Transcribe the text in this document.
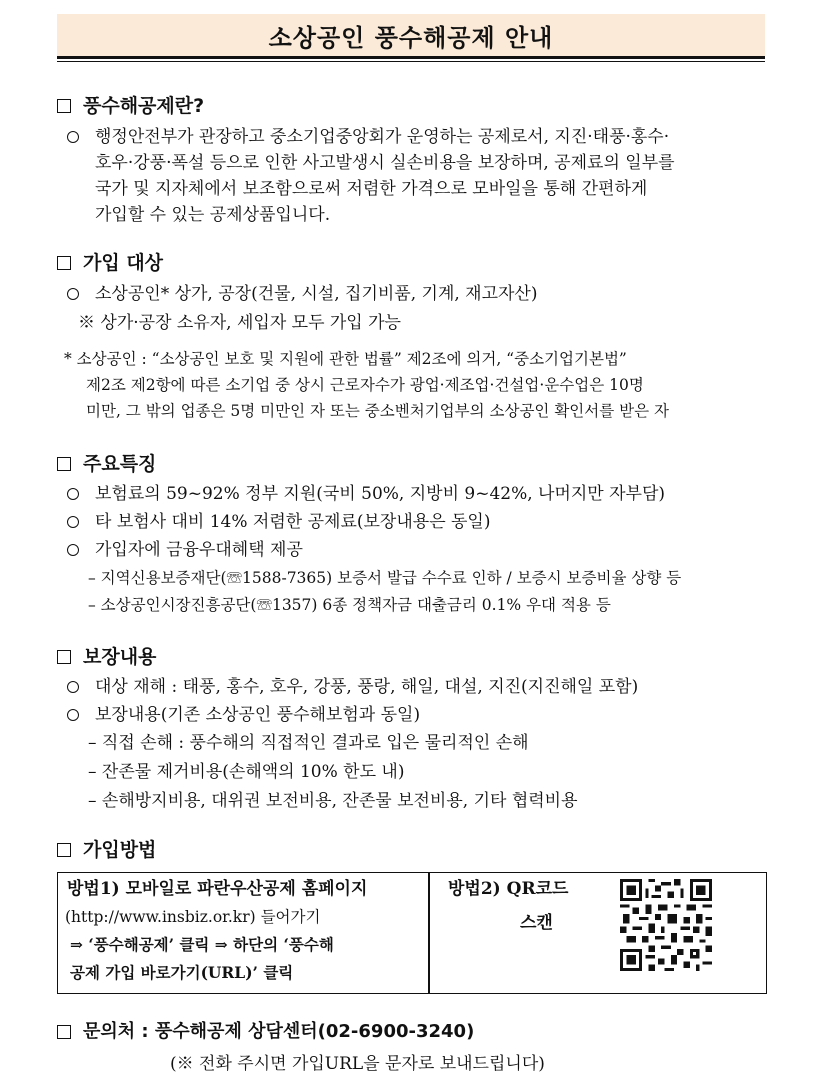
소상공인 풍수해공제 안내
풍수해공제란?
행정안전부가 관장하고 중소기업중앙회가 운영하는 공제로서, 지진·태풍·홍수·
호우·강풍·폭설 등으로 인한 사고발생시 실손비용을 보장하며, 공제료의 일부를
국가 및 지자체에서 보조함으로써 저렴한 가격으로 모바일을 통해 간편하게
가입할 수 있는 공제상품입니다.
가입 대상
소상공인* 상가, 공장(건물, 시설, 집기비품, 기계, 재고자산)
※ 상가·공장 소유자, 세입자 모두 가입 가능
* 소상공인 : “소상공인 보호 및 지원에 관한 법률” 제2조에 의거, “중소기업기본법”
제2조 제2항에 따른 소기업 중 상시 근로자수가 광업·제조업·건설업·운수업은 10명
미만, 그 밖의 업종은 5명 미만인 자 또는 중소벤처기업부의 소상공인 확인서를 받은 자
주요특징
보험료의 59~92% 정부 지원(국비 50%, 지방비 9~42%, 나머지만 자부담)
타 보험사 대비 14% 저렴한 공제료(보장내용은 동일)
가입자에 금융우대혜택 제공
– 지역신용보증재단(☏1588-7365) 보증서 발급 수수료 인하 / 보증시 보증비율 상향 등
– 소상공인시장진흥공단(☏1357) 6종 정책자금 대출금리 0.1% 우대 적용 등
보장내용
대상 재해 : 태풍, 홍수, 호우, 강풍, 풍랑, 해일, 대설, 지진(지진해일 포함)
보장내용(기존 소상공인 풍수해보험과 동일)
– 직접 손해 : 풍수해의 직접적인 결과로 입은 물리적인 손해
– 잔존물 제거비용(손해액의 10% 한도 내)
– 손해방지비용, 대위권 보전비용, 잔존물 보전비용, 기타 협력비용
가입방법
방법1) 모바일로 파란우산공제 홈페이지
(http://www.insbiz.or.kr) 들어가기
⇒ ‘풍수해공제’ 클릭 ⇒ 하단의 ‘풍수해
공제 가입 바로가기(URL)’ 클릭
방법2) QR코드
스캔
문의처 : 풍수해공제 상담센터(02-6900-3240)
(※ 전화 주시면 가입URL을 문자로 보내드립니다)
